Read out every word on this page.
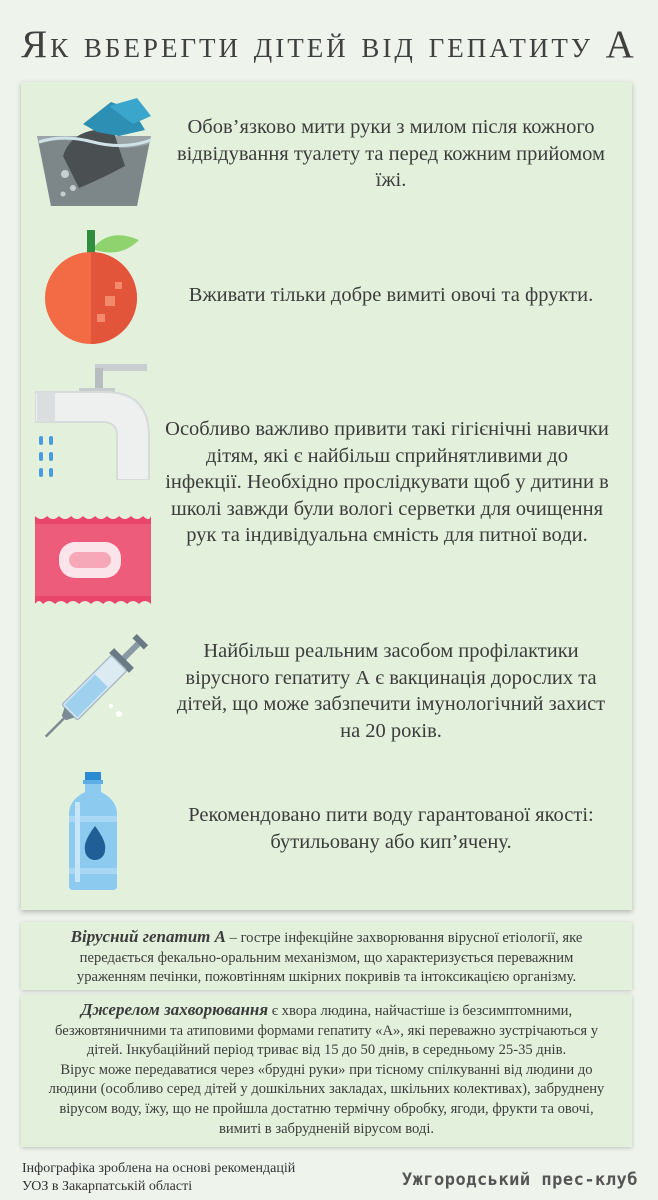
Як вберегти дітей від гепатиту А
Обов’язково мити руки з милом після кожного
відвідування туалету та перед кожним прийомом
їжі.
Вживати тільки добре вимиті овочі та фрукти.
Особливо важливо привити такі гігієнічні навички
дітям, які є найбільш сприйнятливими до
інфекції. Необхідно прослідкувати щоб у дитини в
школі завжди були вологі серветки для очищення
рук та індивідуальна ємність для питної води.
Найбільш реальним засобом профілактики
вірусного гепатиту А є вакцинація дорослих та
дітей, що може забзпечити імунологічний захист
на 20 років.
Рекомендовано пити воду гарантованої якості:
бутильовану або кип’ячену.
Вірусний гепатит А – гостре інфекційне захворювання вірусної етіології, яке
передається фекально-оральним механізмом, що характеризується переважним
ураженням печінки, пожовтінням шкірних покривів та інтоксикацією організму.
Джерелом захворювання є хвора людина, найчастіше із безсимптомними,
безжовтяничними та атиповими формами гепатиту «А», які переважно зустрічаються у
дітей. Інкубаційний період триває від 15 до 50 днів, в середньому 25-35 днів.
Вірус може передаватися через «брудні руки» при тісному спілкуванні від людини до
людини (особливо серед дітей у дошкільних закладах, шкільних колективах), забруднену
вірусом воду, їжу, що не пройшла достатню термічну обробку, ягоди, фрукти та овочі,
вимиті в забрудненій вірусом воді.
Інфографіка зроблена на основі рекомендацій
УОЗ в Закарпатській області	Ужгородський прес-клуб
